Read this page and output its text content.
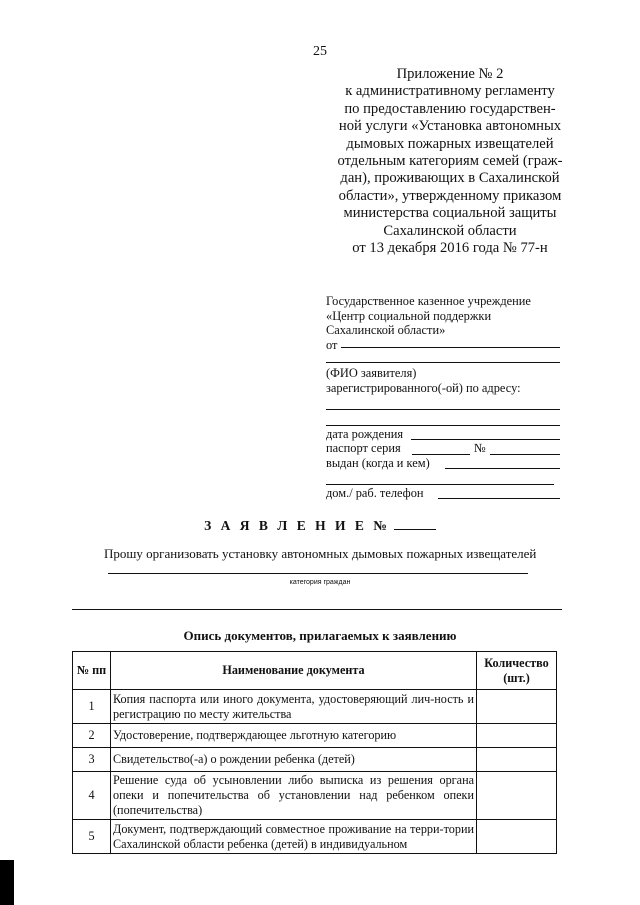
25
Приложение № 2
к административному регламенту
по предоставлению государствен-
ной услуги «Установка автономных
дымовых пожарных извещателей
отдельным категориям семей (граж-
дан), проживающих в Сахалинской
области», утвержденному приказом
министерства социальной защиты
Сахалинской области
от 13 декабря 2016 года № 77-н
Государственное казенное учреждение
«Центр социальной поддержки
Сахалинской области»
от
(ФИО заявителя)
зарегистрированного(-ой) по адресу:
дата рождения
паспорт серия	№
выдан (когда и кем)
дом./ раб. телефон
З А Я В Л Е Н И Е №
Прошу организовать установку автономных дымовых пожарных извещателей
категория граждан
Опись документов, прилагаемых к заявлению
№ пп	Наименование документа	Количество
(шт.)

1	Копия паспорта или иного документа, удостоверяющий лич-ность и регистрацию по месту жительства	
2	Удостоверение, подтверждающее льготную категорию	
3	Свидетельство(-а) о рождении ребенка (детей)	
4	Решение суда об усыновлении либо выписка из решения органа опеки и попечительства об установлении над ребенком опеки (попечительства)	
5	Документ, подтверждающий совместное проживание на терри-тории Сахалинской области ребенка (детей) в индивидуальном	
